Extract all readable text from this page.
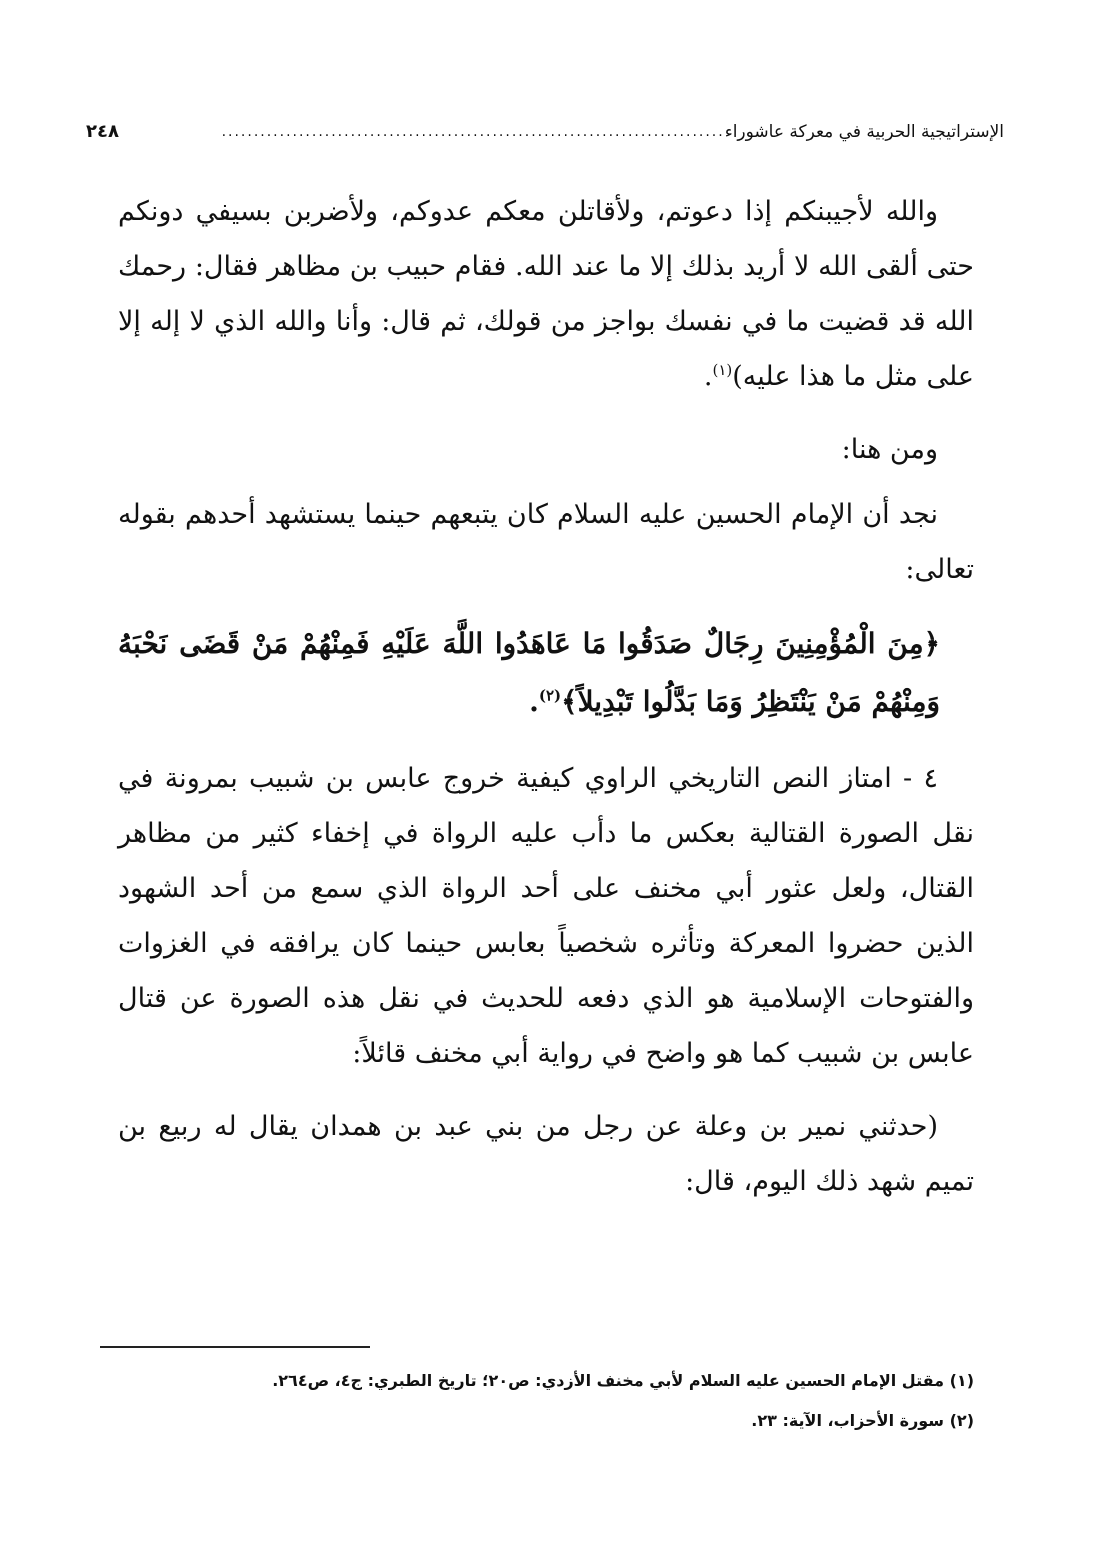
الإستراتيجية الحربية في معركة عاشوراء
..............................................................................
٢٤٨

والله لأجيبنكم إذا دعوتم، ولأقاتلن معكم عدوكم، ولأضربن بسيفي دونكم حتى ألقى الله لا أريد بذلك إلا ما عند الله. فقام حبيب بن مظاهر فقال: رحمك الله قد قضيت ما في نفسك بواجز من قولك، ثم قال: وأنا والله الذي لا إله إلا على مثل ما هذا عليه)$^{(١)}$.

ومن هنا:

نجد أن الإمام الحسين عليه السلام كان يتبعهم حينما يستشهد أحدهم بقوله تعالى:

﴿مِنَ الْمُؤْمِنِينَ رِجَالٌ صَدَقُوا مَا عَاهَدُوا اللَّهَ عَلَيْهِ فَمِنْهُمْ مَنْ قَضَى نَحْبَهُ وَمِنْهُمْ مَنْ يَنْتَظِرُ وَمَا بَدَّلُوا تَبْدِيلاً﴾$^{(٢)}$.

٤ - امتاز النص التاريخي الراوي كيفية خروج عابس بن شبيب بمرونة في نقل الصورة القتالية بعكس ما دأب عليه الرواة في إخفاء كثير من مظاهر القتال، ولعل عثور أبي مخنف على أحد الرواة الذي سمع من أحد الشهود الذين حضروا المعركة وتأثره شخصياً بعابس حينما كان يرافقه في الغزوات والفتوحات الإسلامية هو الذي دفعه للحديث في نقل هذه الصورة عن قتال عابس بن شبيب كما هو واضح في رواية أبي مخنف قائلاً:

(حدثني نمير بن وعلة عن رجل من بني عبد بن همدان يقال له ربيع بن تميم شهد ذلك اليوم، قال:

(١) مقتل الإمام الحسين عليه السلام لأبي مخنف الأزدي: ص٢٠؛ تاريخ الطبري: ج٤، ص٢٦٤.

(٢) سورة الأحزاب، الآية: ٢٣.
